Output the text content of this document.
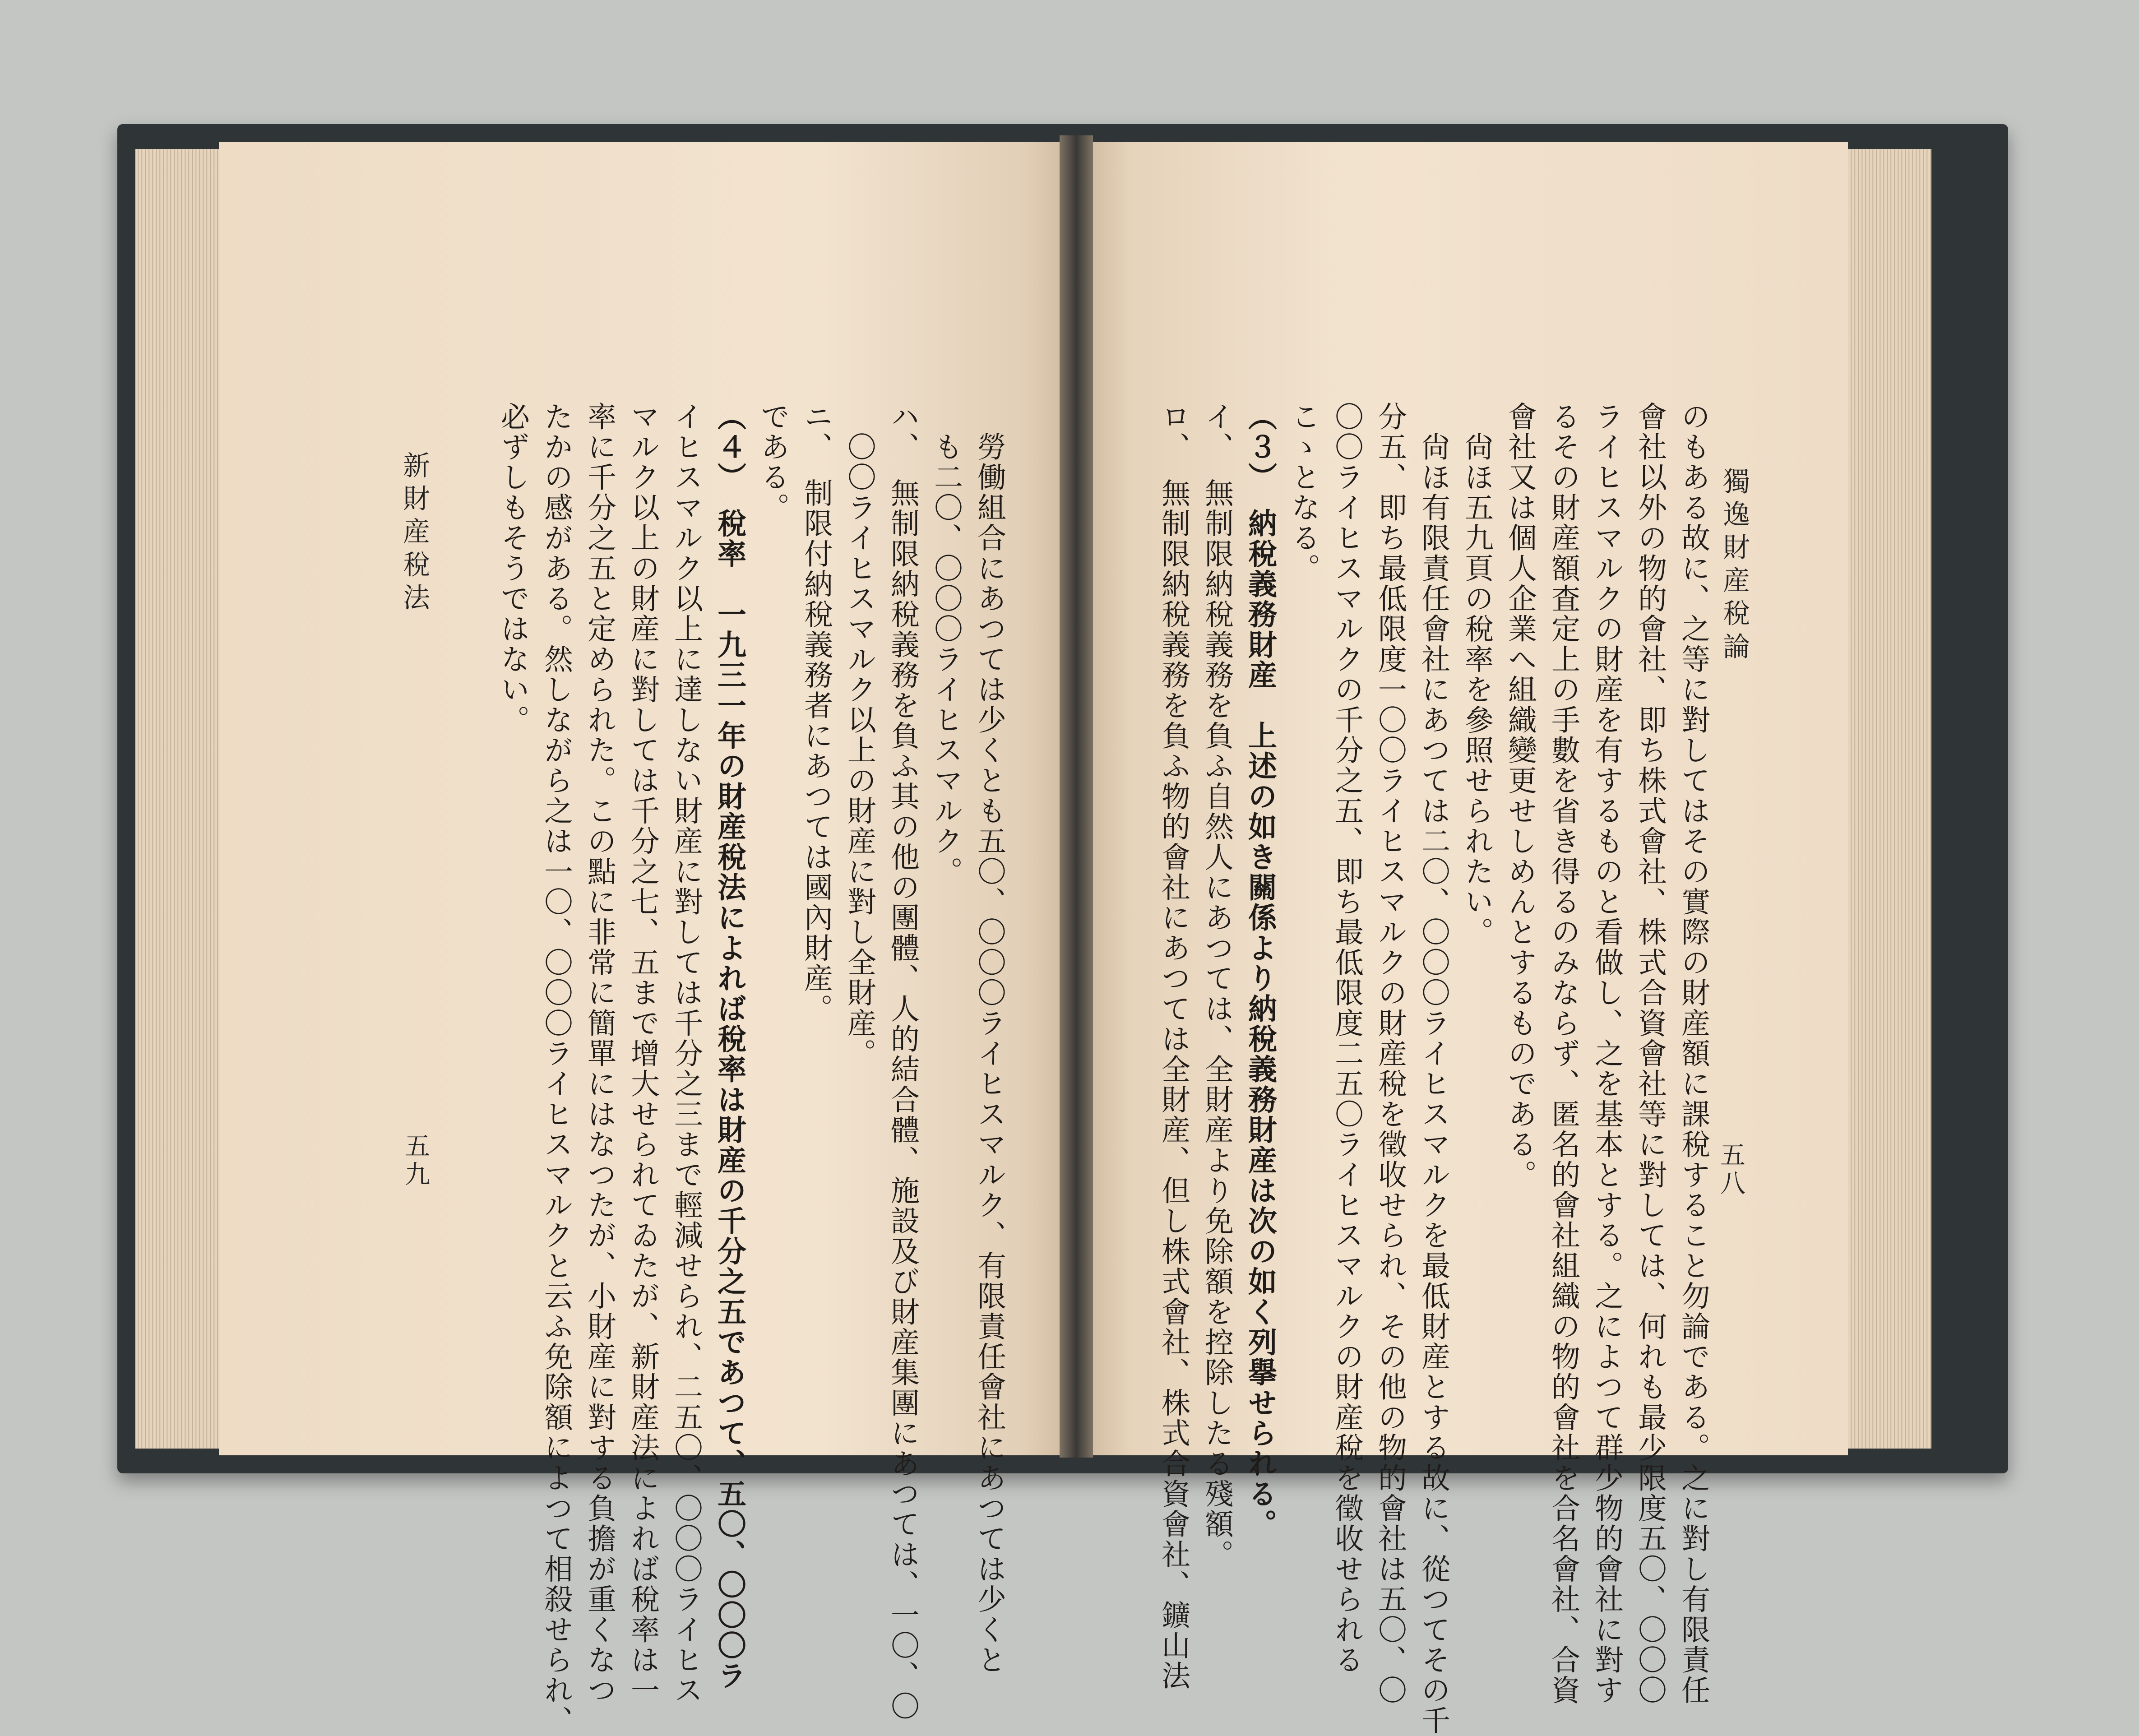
獨逸財産稅論
五八
のもある故に、之等に對してはその實際の財産額に課稅すること勿論である。之に對し有限責任
會社以外の物的會社、即ち株式會社、株式合資會社等に對しては、何れも最少限度五〇、〇〇〇
ライヒスマルクの財産を有するものと看做し、之を基本とする。之によつて群少物的會社に對す
るその財産額査定上の手數を省き得るのみならず、匿名的會社組織の物的會社を合名會社、合資
會社又は個人企業へ組織變更せしめんとするものである。
　尙ほ五九頁の稅率を參照せられたい。
　尙ほ有限責任會社にあつては二〇、〇〇〇ライヒスマルクを最低財産とする故に、從つてその千
分五、即ち最低限度一〇〇ライヒスマルクの財産稅を徵收せられ、その他の物的會社は五〇、〇
〇〇ライヒスマルクの千分之五、即ち最低限度二五〇ライヒスマルクの財産稅を徵收せられる
こゝとなる。
（３）　納稅義務財産　上述の如き關係より納稅義務財産は次の如く列擧せられる。
イ、　無制限納稅義務を負ふ自然人にあつては、全財産より免除額を控除したる殘額。
ロ、　無制限納稅義務を負ふ物的會社にあつては全財産、但し株式會社、株式合資會社、鑛山法
　勞働組合にあつては少くとも五〇、〇〇〇ライヒスマルク、有限責任會社にあつては少くと
　も二〇、〇〇〇ライヒスマルク。
ハ、　無制限納稅義務を負ふ其の他の團體、人的結合體、施設及び財産集團にあつては、一〇、〇
　〇〇ライヒスマルク以上の財産に對し全財産。
ニ、　制限付納稅義務者にあつては國內財産。
である。
（４）　稅率　一九三一年の財産稅法によれば稅率は財産の千分之五であつて、五〇、〇〇〇ラ
イヒスマルク以上に達しない財産に對しては千分之三まで輕減せられ、二五〇、〇〇〇ライヒス
マルク以上の財産に對しては千分之七、五まで增大せられてゐたが、新財産法によれば稅率は一
率に千分之五と定められた。この點に非常に簡單にはなつたが、小財産に對する負擔が重くなつ
たかの感がある。然しながら之は一〇、〇〇〇ライヒスマルクと云ふ免除額によつて相殺せられ、
必ずしもそうではない。
新財産稅法
五九
